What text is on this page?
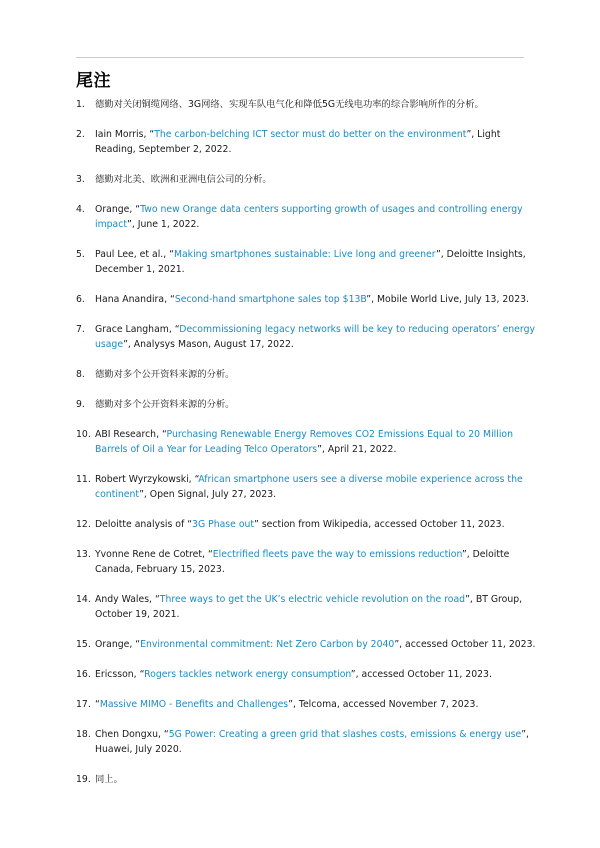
尾注
1.	德勤对关闭铜缆网络、3G网络、实现车队电气化和降低5G无线电功率的综合影响所作的分析。
2.	Iain Morris, “The carbon-belching ICT sector must do better on the environment”, Light Reading, September 2, 2022.
3.	德勤对北美、欧洲和亚洲电信公司的分析。
4.	Orange, “Two new Orange data centers supporting growth of usages and controlling energy impact”, June 1, 2022.
5.	Paul Lee, et al., “Making smartphones sustainable: Live long and greener”, Deloitte Insights, December 1, 2021.
6.	Hana Anandira, “Second-hand smartphone sales top $13B”, Mobile World Live, July 13, 2023.
7.	Grace Langham, “Decommissioning legacy networks will be key to reducing operators’ energy usage”, Analysys Mason, August 17, 2022.
8.	德勤对多个公开资料来源的分析。
9.	德勤对多个公开资料来源的分析。
10. ABI Research, “Purchasing Renewable Energy Removes CO2 Emissions Equal to 20 Million Barrels of Oil a Year for Leading Telco Operators”, April 21, 2022.
11. Robert Wyrzykowski, “African smartphone users see a diverse mobile experience across the continent”, Open Signal, July 27, 2023.
12. Deloitte analysis of “3G Phase out” section from Wikipedia, accessed October 11, 2023.
13. Yvonne Rene de Cotret, “Electrified fleets pave the way to emissions reduction”, Deloitte Canada, February 15, 2023.
14. Andy Wales, “Three ways to get the UK’s electric vehicle revolution on the road”, BT Group, October 19, 2021.
15. Orange, “Environmental commitment: Net Zero Carbon by 2040”, accessed October 11, 2023.
16. Ericsson, “Rogers tackles network energy consumption”, accessed October 11, 2023.
17. “Massive MIMO - Benefits and Challenges”, Telcoma, accessed November 7, 2023.
18. Chen Dongxu, “5G Power: Creating a green grid that slashes costs, emissions & energy use”, Huawei, July 2020.
19. 同上。
